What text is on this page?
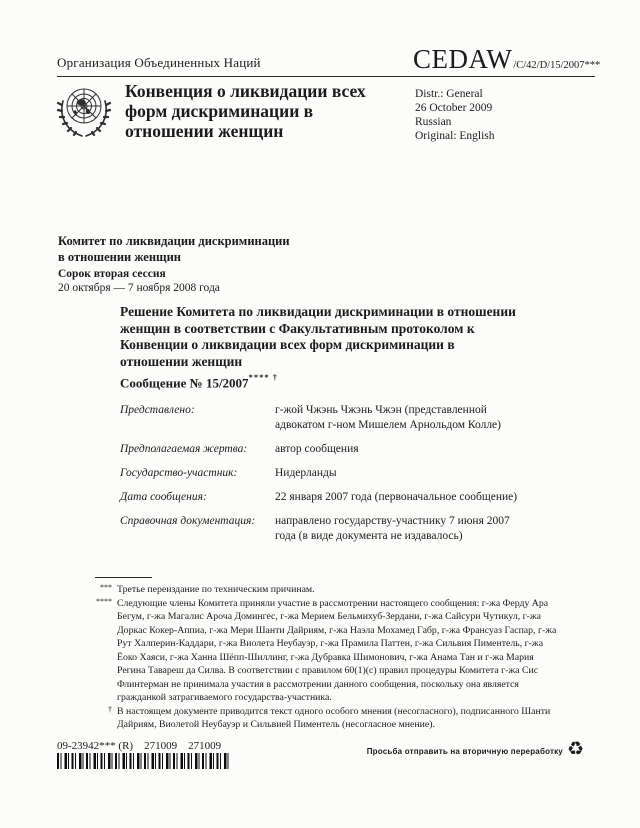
Организация Объединенных Наций	CEDAW /C/42/D/15/2007***
Конвенция о ликвидации всех форм дискриминации в отношении женщин
Distr.: General
26 October 2009
Russian
Original: English
Комитет по ликвидации дискриминации
в отношении женщин
Сорок вторая сессия
20 октября — 7 ноября 2008 года
Решение Комитета по ликвидации дискриминации в отношении женщин в соответствии с Факультативным протоколом к Конвенции о ликвидации всех форм дискриминации в отношении женщин
Сообщение № 15/2007**** †
Представлено:	г-жой Чжэнь Чжэнь Чжэн (представленной адвокатом г-ном Мишелем Арнольдом Колле)
Предполагаемая жертва:	автор сообщения
Государство-участник:	Нидерланды
Дата сообщения:	22 января 2007 года (первоначальное сообщение)
Справочная документация:	направлено государству-участнику 7 июня 2007 года (в виде документа не издавалось)
*** Третье переиздание по техническим причинам.
**** Следующие члены Комитета приняли участие в рассмотрении настоящего сообщения: г-жа Ферду Ара Бегум, г-жа Магалис Ароча Домингес, г-жа Мерием Бельмихуб-Зердани, г-жа Сайсури Чутикул, г-жа Доркас Кокер-Аппиа, г-жа Мери Шанти Дайриям, г-жа Наэла Мохамед Габр, г-жа Франсуаз Гаспар, г-жа Рут Халперин-Каддари, г-жа Виолета Неубауэр, г-жа Прамила Паттен, г-жа Сильвия Пиментель, г-жа Ёоко Хаяси, г-жа Ханна Шёпп-Шиллинг, г-жа Дубравка Шимонович, г-жа Анама Тан и г-жа Мария Регина Тавареш да Силва. В соответствии с правилом 60(1)(с) правил процедуры Комитета г-жа Сис Флинтерман не принимала участия в рассмотрении данного сообщения, поскольку она является гражданкой затрагиваемого государства-участника.
† В настоящем документе приводится текст одного особого мнения (несогласного), подписанного Шанти Дайриям, Виолетой Неубауэр и Сильвией Пиментель (несогласное мнение).
09-23942*** (R)    271009    271009	Просьба отправить на вторичную переработку ♻
